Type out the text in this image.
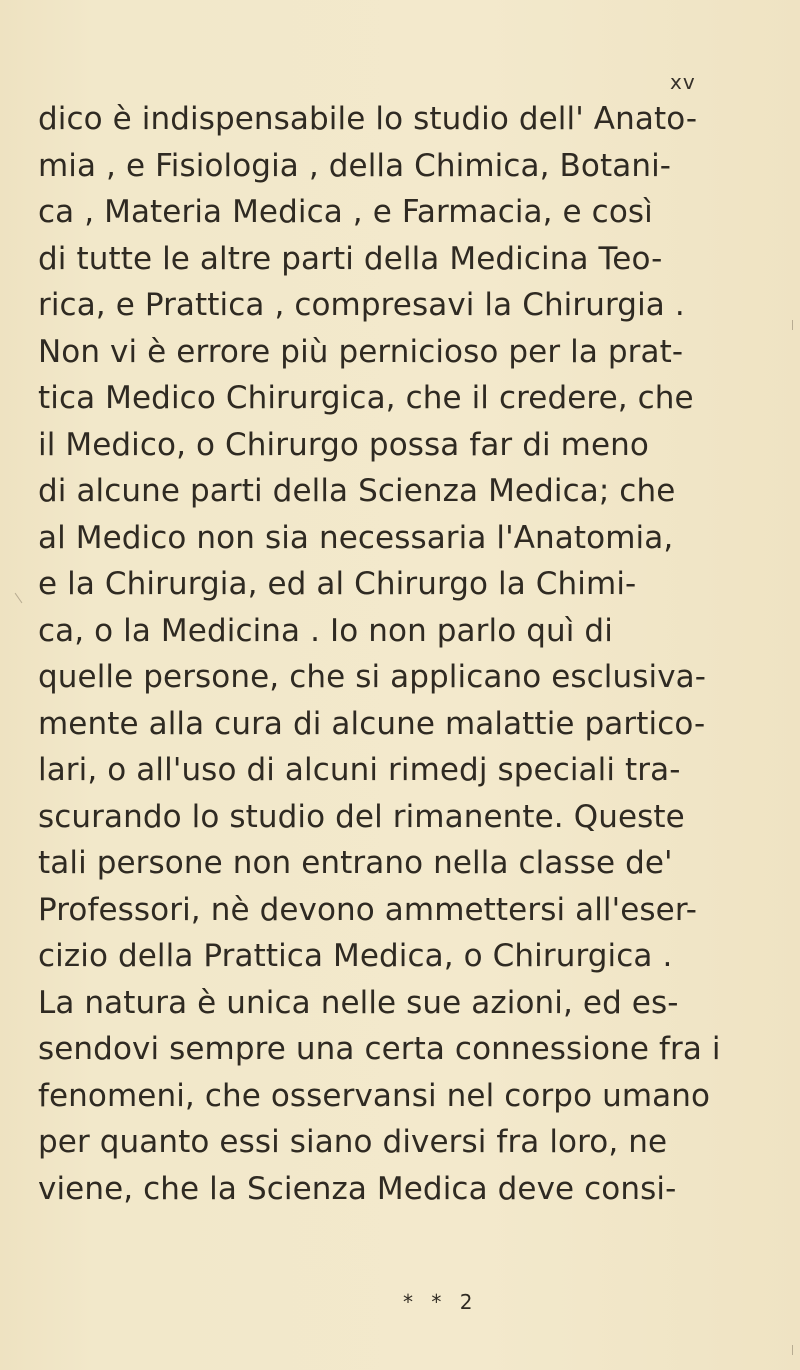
xv
dico è indispensabile lo studio dell' Anato-
mia , e Fisiologia , della Chimica, Botani-
ca , Materia Medica , e Farmacia, e così
di tutte le altre parti della Medicina Teo-
rica, e Prattica , compresavi la Chirurgia .
Non vi è errore più pernicioso per la prat-
tica Medico Chirurgica, che il credere, che
il Medico, o Chirurgo possa far di meno
di alcune parti della Scienza Medica; che
al Medico non sia necessaria l'Anatomia,
e la Chirurgia, ed al Chirurgo la Chimi-
ca, o la Medicina . Io non parlo quì di
quelle persone, che si applicano esclusiva-
mente alla cura di alcune malattie partico-
lari, o all'uso di alcuni rimedj speciali tra-
scurando lo studio del rimanente. Queste
tali persone non entrano nella classe de'
Professori, nè devono ammettersi all'eser-
cizio della Prattica Medica, o Chirurgica .
La natura è unica nelle sue azioni, ed es-
sendovi sempre una certa connessione fra i
fenomeni, che osservansi nel corpo umano
per quanto essi siano diversi fra loro, ne
viene, che la Scienza Medica deve consi-
* * 2
